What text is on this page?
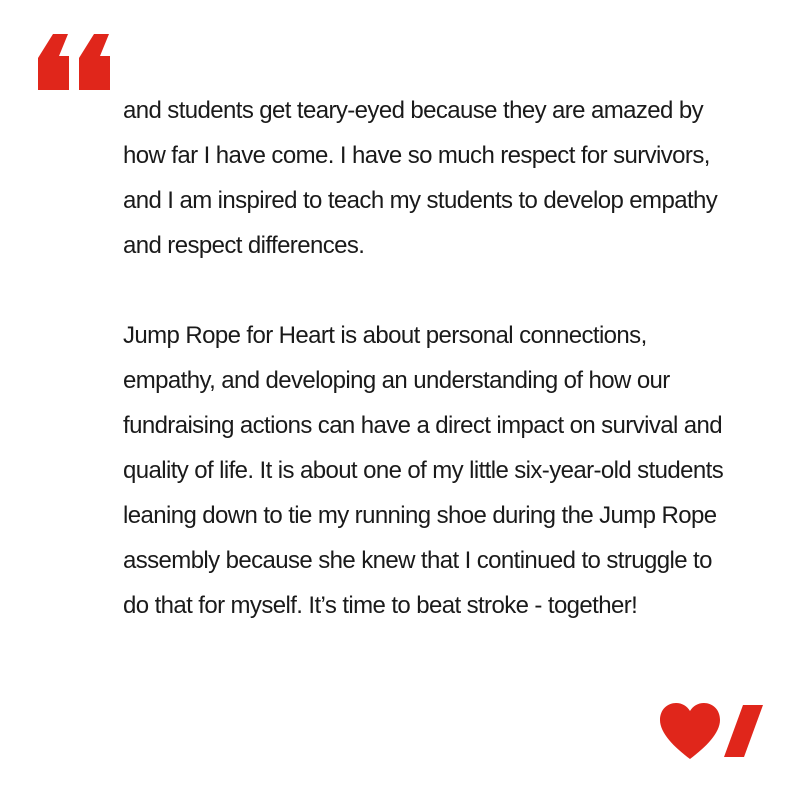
and students get teary-eyed because they are amazed by
how far I have come. I have so much respect for survivors,
and I am inspired to teach my students to develop empathy
and respect differences.

Jump Rope for Heart is about personal connections,
empathy, and developing an understanding of how our
fundraising actions can have a direct impact on survival and
quality of life. It is about one of my little six-year-old students
leaning down to tie my running shoe during the Jump Rope
assembly because she knew that I continued to struggle to
do that for myself. It’s time to beat stroke - together!
